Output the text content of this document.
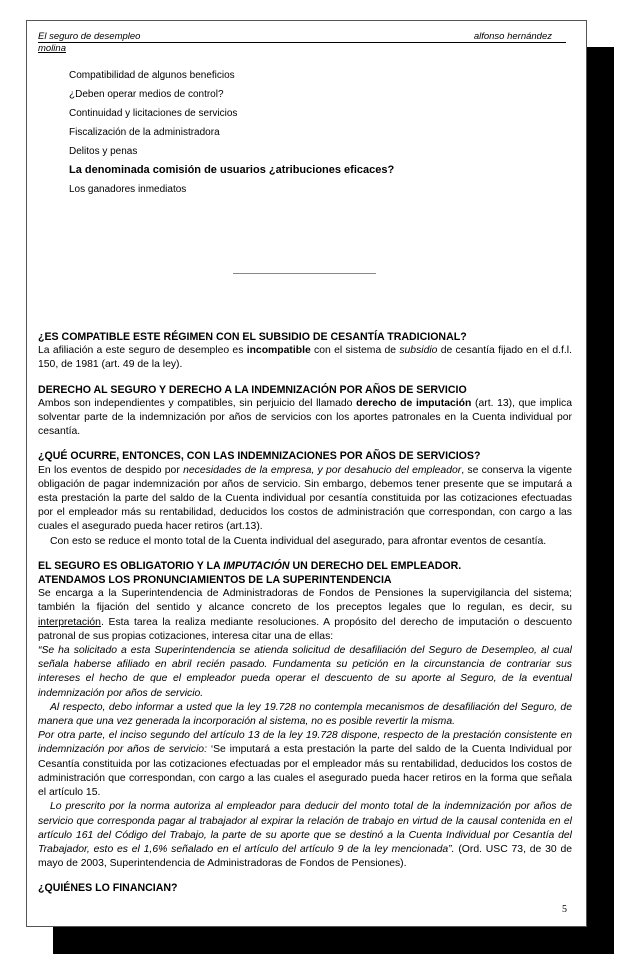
El seguro de desempleo	alfonso hernández
molina
Compatibilidad de algunos beneficios
¿Deben operar medios de control?
Continuidad y licitaciones de servicios
Fiscalización de la administradora
Delitos y penas
La denominada comisión de usuarios ¿atribuciones eficaces?
Los ganadores inmediatos
¿ES COMPATIBLE ESTE RÉGIMEN CON EL SUBSIDIO DE CESANTÍA TRADICIONAL?

La afiliación a este seguro de desempleo es incompatible con el sistema de subsidio de cesantía fijado en el d.f.l. 150, de 1981 (art. 49 de la ley).

DERECHO AL SEGURO Y DERECHO A LA INDEMNIZACIÓN POR AÑOS DE SERVICIO

Ambos son independientes y compatibles, sin perjuicio del llamado derecho de imputación (art. 13), que implica solventar parte de la indemnización por años de servicios con los aportes patronales en la Cuenta individual por cesantía.

¿QUÉ OCURRE, ENTONCES, CON LAS INDEMNIZACIONES POR AÑOS DE SERVICIOS?

En los eventos de despido por necesidades de la empresa, y por desahucio del empleador, se conserva la vigente obligación de pagar indemnización por años de servicio. Sin embargo, debemos tener presente que se imputará a esta prestación la parte del saldo de la Cuenta individual por cesantía constituida por las cotizaciones efectuadas por el empleador más su rentabilidad, deducidos los costos de administración que correspondan, con cargo a las cuales el asegurado pueda hacer retiros (art.13).

Con esto se reduce el monto total de la Cuenta individual del asegurado, para afrontar eventos de cesantía.

EL SEGURO ES OBLIGATORIO Y LA IMPUTACIÓN UN DERECHO DEL EMPLEADOR.
ATENDAMOS LOS PRONUNCIAMIENTOS DE LA SUPERINTENDENCIA

Se encarga a la Superintendencia de Administradoras de Fondos de Pensiones la supervigilancia del sistema; también la fijación del sentido y alcance concreto de los preceptos legales que lo regulan, es decir, su interpretación. Esta tarea la realiza mediante resoluciones. A propósito del derecho de imputación o descuento patronal de sus propias cotizaciones, interesa citar una de ellas:

“Se ha solicitado a esta Superintendencia se atienda solicitud de desafiliación del Seguro de Desempleo, al cual señala haberse afiliado en abril recién pasado. Fundamenta su petición en la circunstancia de contrariar sus intereses el hecho de que el empleador pueda operar el descuento de su aporte al Seguro, de la eventual indemnización por años de servicio.

Al respecto, debo informar a usted que la ley 19.728 no contempla mecanismos de desafiliación del Seguro, de manera que una vez generada la incorporación al sistema, no es posible revertir la misma.

Por otra parte, el inciso segundo del artículo 13 de la ley 19.728 dispone, respecto de la prestación consistente en indemnización por años de servicio: ‘Se imputará a esta prestación la parte del saldo de la Cuenta Individual por Cesantía constituida por las cotizaciones efectuadas por el empleador más su rentabilidad, deducidos los costos de administración que correspondan, con cargo a las cuales el asegurado pueda hacer retiros en la forma que señala el artículo 15.

Lo prescrito por la norma autoriza al empleador para deducir del monto total de la indemnización por años de servicio que corresponda pagar al trabajador al expirar la relación de trabajo en virtud de la causal contenida en el artículo 161 del Código del Trabajo, la parte de su aporte que se destinó a la Cuenta Individual por Cesantía del Trabajador, esto es el 1,6% señalado en el artículo del artículo 9 de la ley mencionada”. (Ord. USC 73, de 30 de mayo de 2003, Superintendencia de Administradoras de Fondos de Pensiones).

¿QUIÉNES LO FINANCIAN?
5
